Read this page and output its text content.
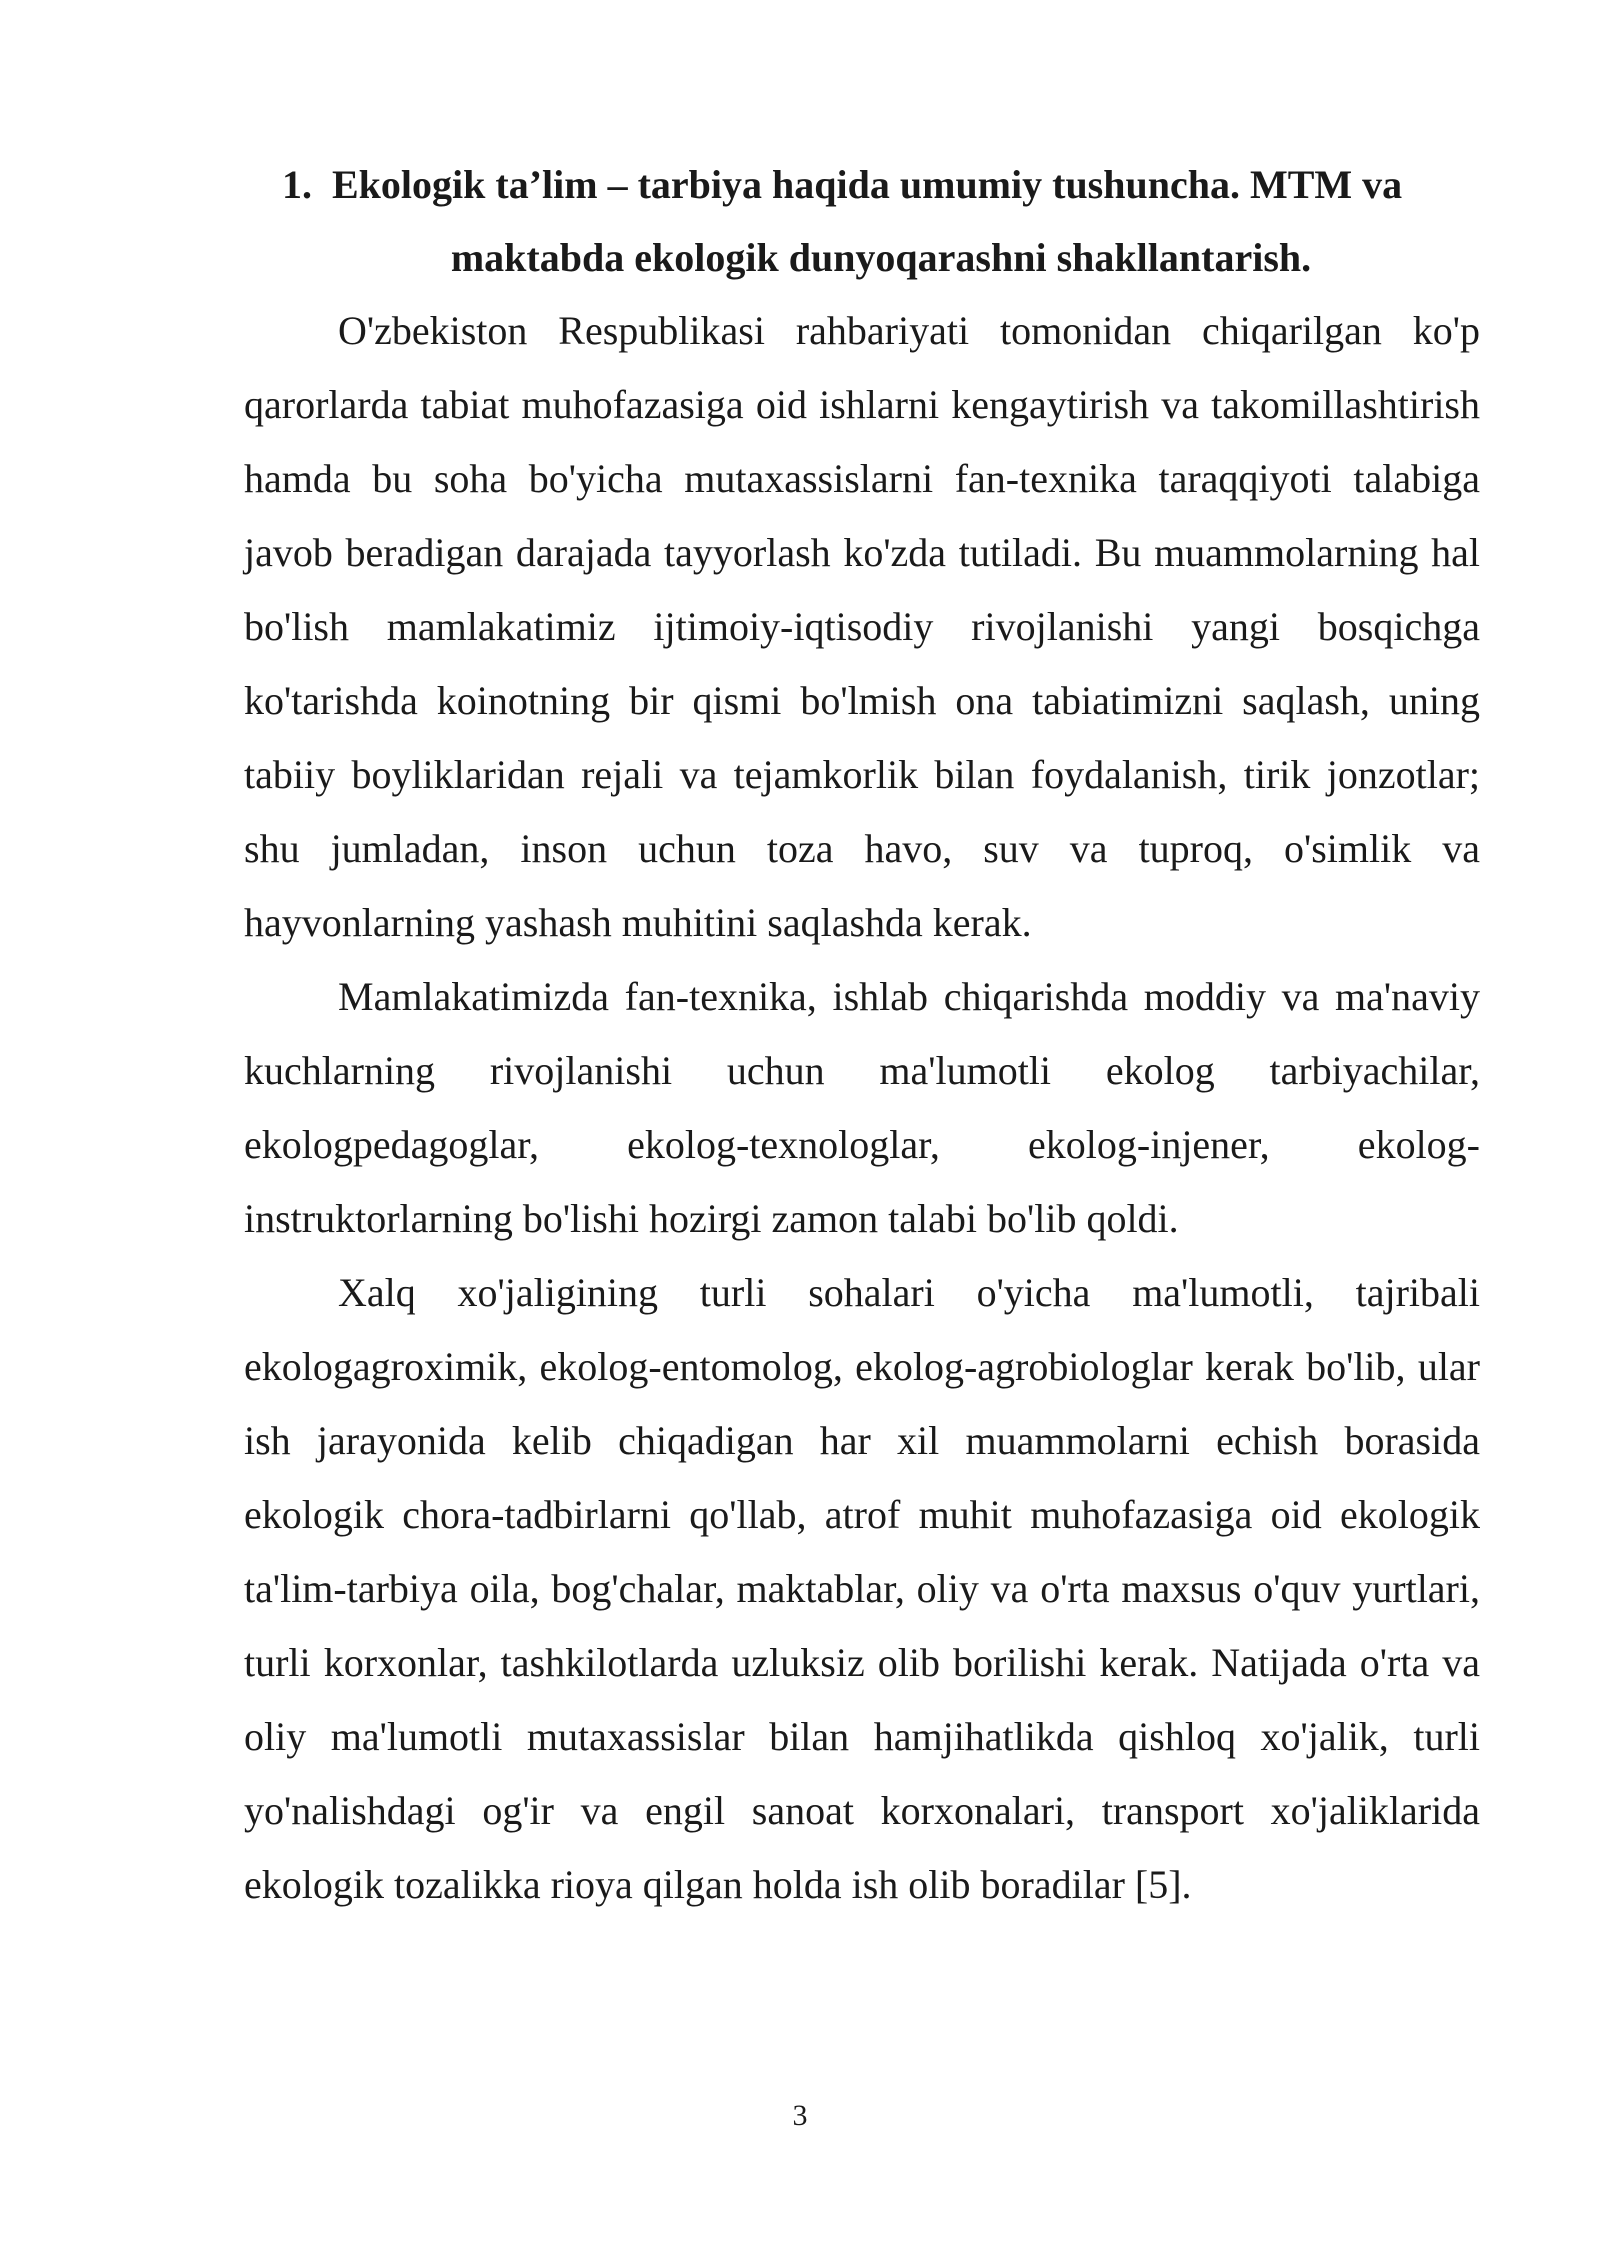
1. Ekologik ta’lim – tarbiya haqida umumiy tushuncha. MTM va
maktabda ekologik dunyoqarashni shakllantarish.

O'zbekiston Respublikasi rahbariyati tomonidan chiqarilgan ko'p qarorlarda tabiat muhofazasiga oid ishlarni kengaytirish va takomillashtirish hamda bu soha bo'yicha mutaxassislarni fan-texnika taraqqiyoti talabiga javob beradigan darajada tayyorlash ko'zda tutiladi. Bu muammolarning hal bo'lish mamlakatimiz ijtimoiy-iqtisodiy rivojlanishi yangi bosqichga ko'tarishda koinotning bir qismi bo'lmish ona tabiatimizni saqlash, uning tabiiy boyliklaridan rejali va tejamkorlik bilan foydalanish, tirik jonzotlar; shu jumladan, inson uchun toza havo, suv va tuproq, o'simlik va hayvonlarning yashash muhitini saqlashda kerak.

Mamlakatimizda fan-texnika, ishlab chiqarishda moddiy va ma'naviy kuchlarning rivojlanishi uchun ma'lumotli ekolog tarbiyachilar, ekologpedagoglar, ekolog-texnologlar, ekolog-injener, ekolog-instruktorlarning bo'lishi hozirgi zamon talabi bo'lib qoldi.

Xalq xo'jaligining turli sohalari o'yicha ma'lumotli, tajribali ekologagroximik, ekolog-entomolog, ekolog-agrobiologlar kerak bo'lib, ular ish jarayonida kelib chiqadigan har xil muammolarni echish borasida ekologik chora-tadbirlarni qo'llab, atrof muhit muhofazasiga oid ekologik ta'lim-tarbiya oila, bog'chalar, maktablar, oliy va o'rta maxsus o'quv yurtlari, turli korxonlar, tashkilotlarda uzluksiz olib borilishi kerak. Natijada o'rta va oliy ma'lumotli mutaxassislar bilan hamjihatlikda qishloq xo'jalik, turli yo'nalishdagi og'ir va engil sanoat korxonalari, transport xo'jaliklarida ekologik tozalikka rioya qilgan holda ish olib boradilar [5].

3
